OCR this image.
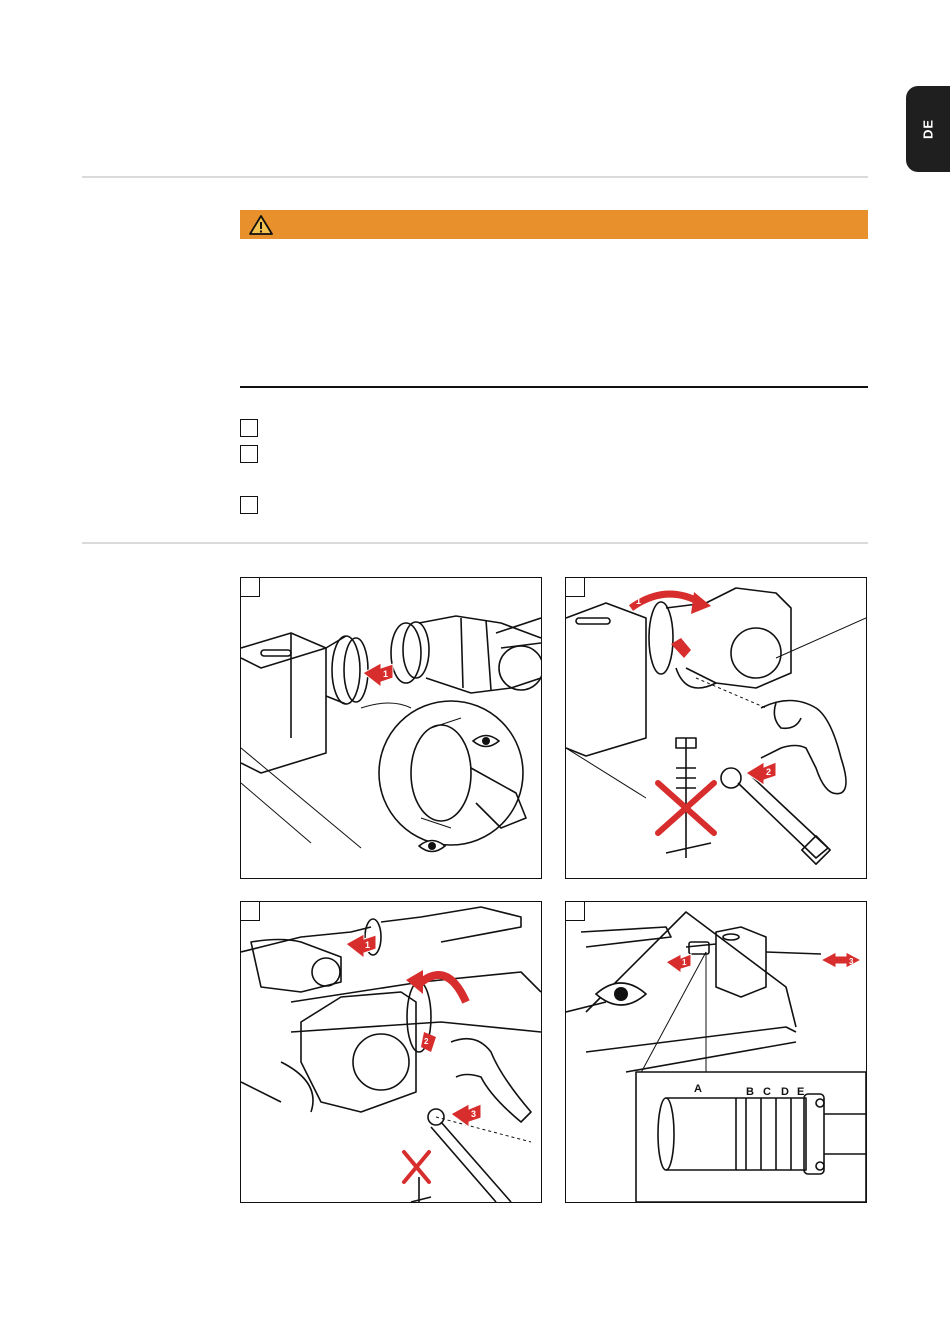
DE
1
1
2
1
2
3
1	3
A	B C D E
